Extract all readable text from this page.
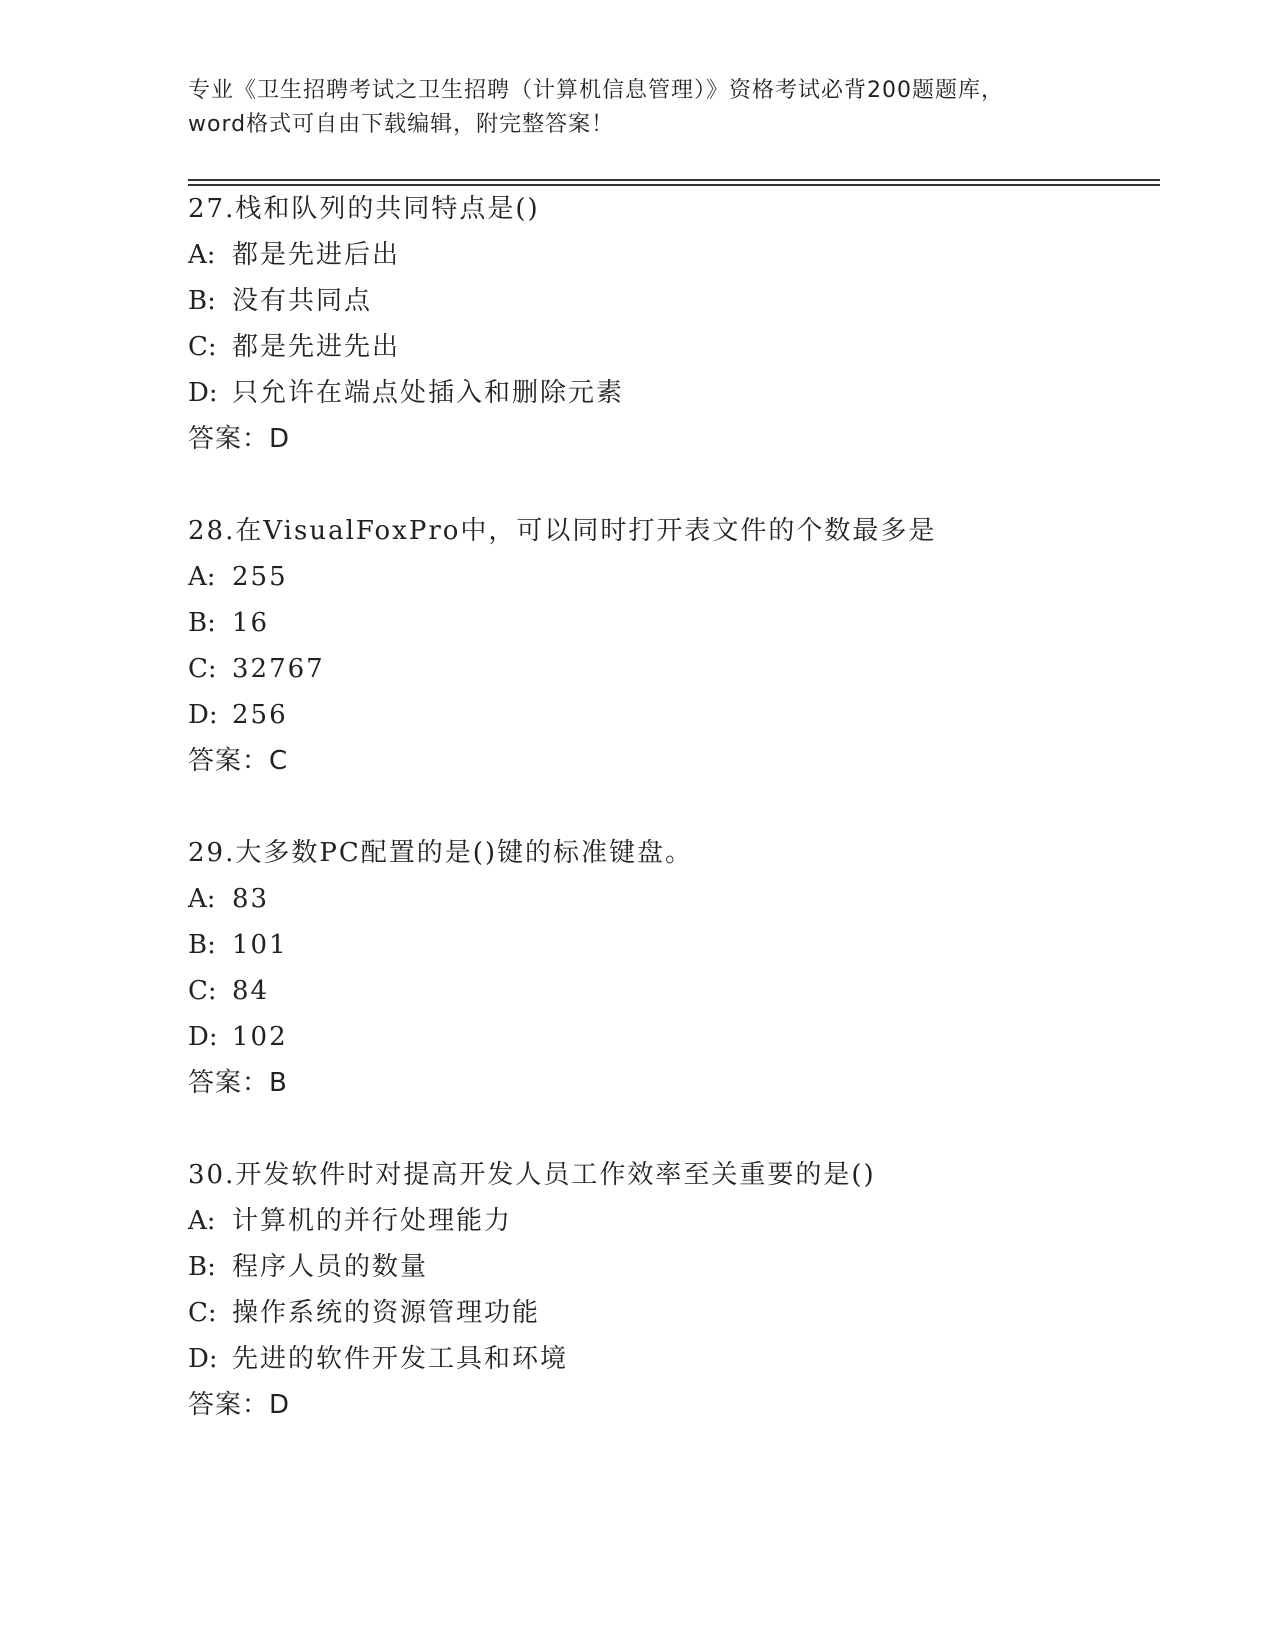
专业《卫生招聘考试之卫生招聘（计算机信息管理）》资格考试必背200题题库，
word格式可自由下载编辑，附完整答案！
27.栈和队列的共同特点是()
A: 都是先进后出
B: 没有共同点
C: 都是先进先出
D: 只允许在端点处插入和删除元素
答案：D
28.在VisualFoxPro中，可以同时打开表文件的个数最多是
A: 255
B: 16
C: 32767
D: 256
答案：C
29.大多数PC配置的是()键的标准键盘。
A: 83
B: 101
C: 84
D: 102
答案：B
30.开发软件时对提高开发人员工作效率至关重要的是()
A: 计算机的并行处理能力
B: 程序人员的数量
C: 操作系统的资源管理功能
D: 先进的软件开发工具和环境
答案：D
